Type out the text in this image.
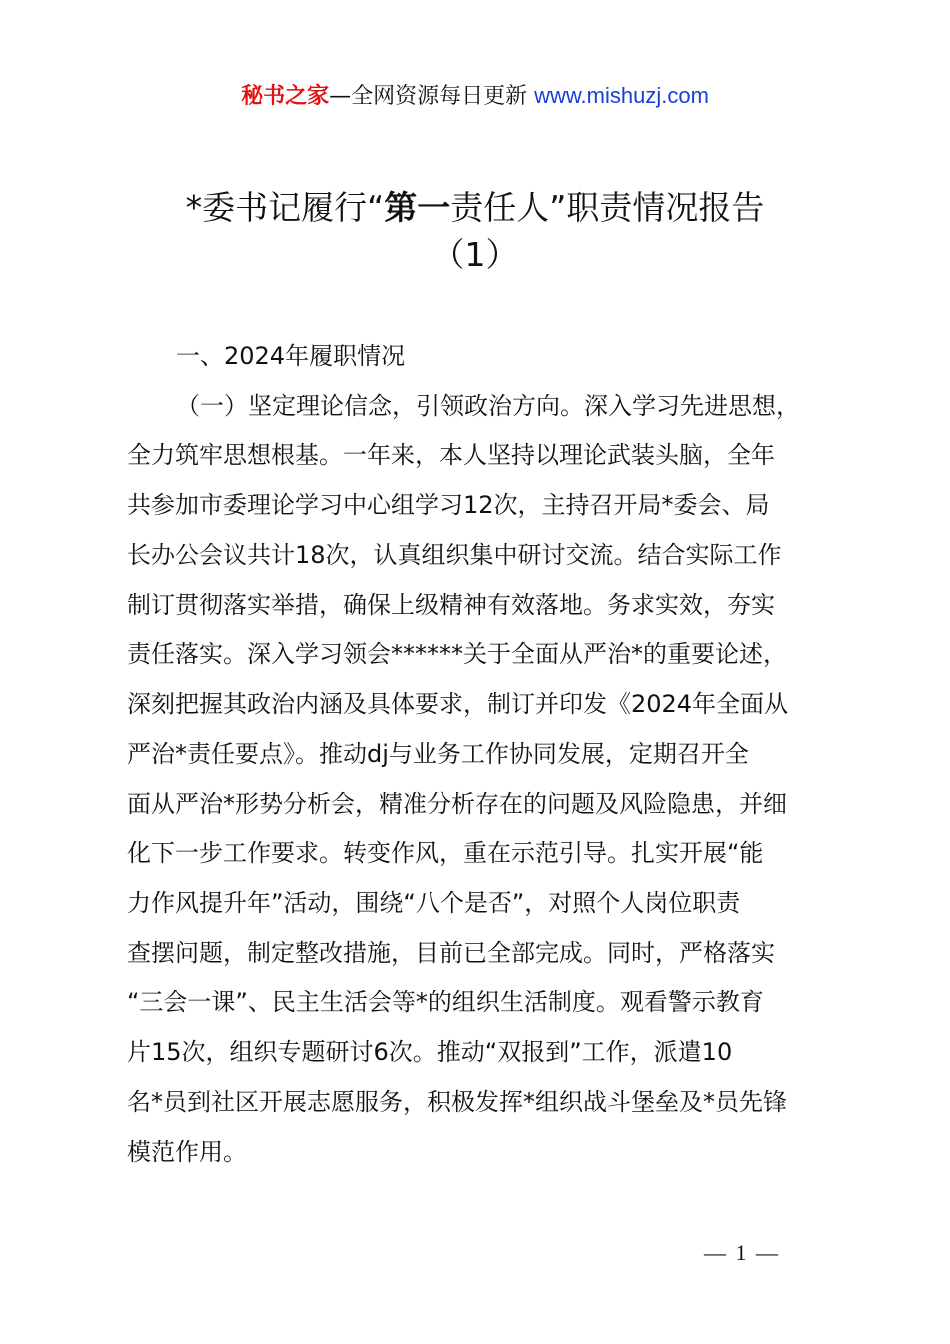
秘书之家—全网资源每日更新 www.mishuzj.com
*委书记履行“第一责任人”职责情况报告
（1）
一、2024年履职情况
（一）坚定理论信念，引领政治方向。深入学习先进思想，
全力筑牢思想根基。一年来，本人坚持以理论武装头脑，全年
共参加市委理论学习中心组学习12次，主持召开局*委会、局
长办公会议共计18次，认真组织集中研讨交流。结合实际工作
制订贯彻落实举措，确保上级精神有效落地。务求实效，夯实
责任落实。深入学习领会******关于全面从严治*的重要论述，
深刻把握其政治内涵及具体要求，制订并印发《2024年全面从
严治*责任要点》。推动dj与业务工作协同发展，定期召开全
面从严治*形势分析会，精准分析存在的问题及风险隐患，并细
化下一步工作要求。转变作风，重在示范引导。扎实开展“能
力作风提升年”活动，围绕“八个是否”，对照个人岗位职责
查摆问题，制定整改措施，目前已全部完成。同时，严格落实
“三会一课”、民主生活会等*的组织生活制度。观看警示教育
片15次，组织专题研讨6次。推动“双报到”工作，派遣10
名*员到社区开展志愿服务，积极发挥*组织战斗堡垒及*员先锋
模范作用。
— 1 —
